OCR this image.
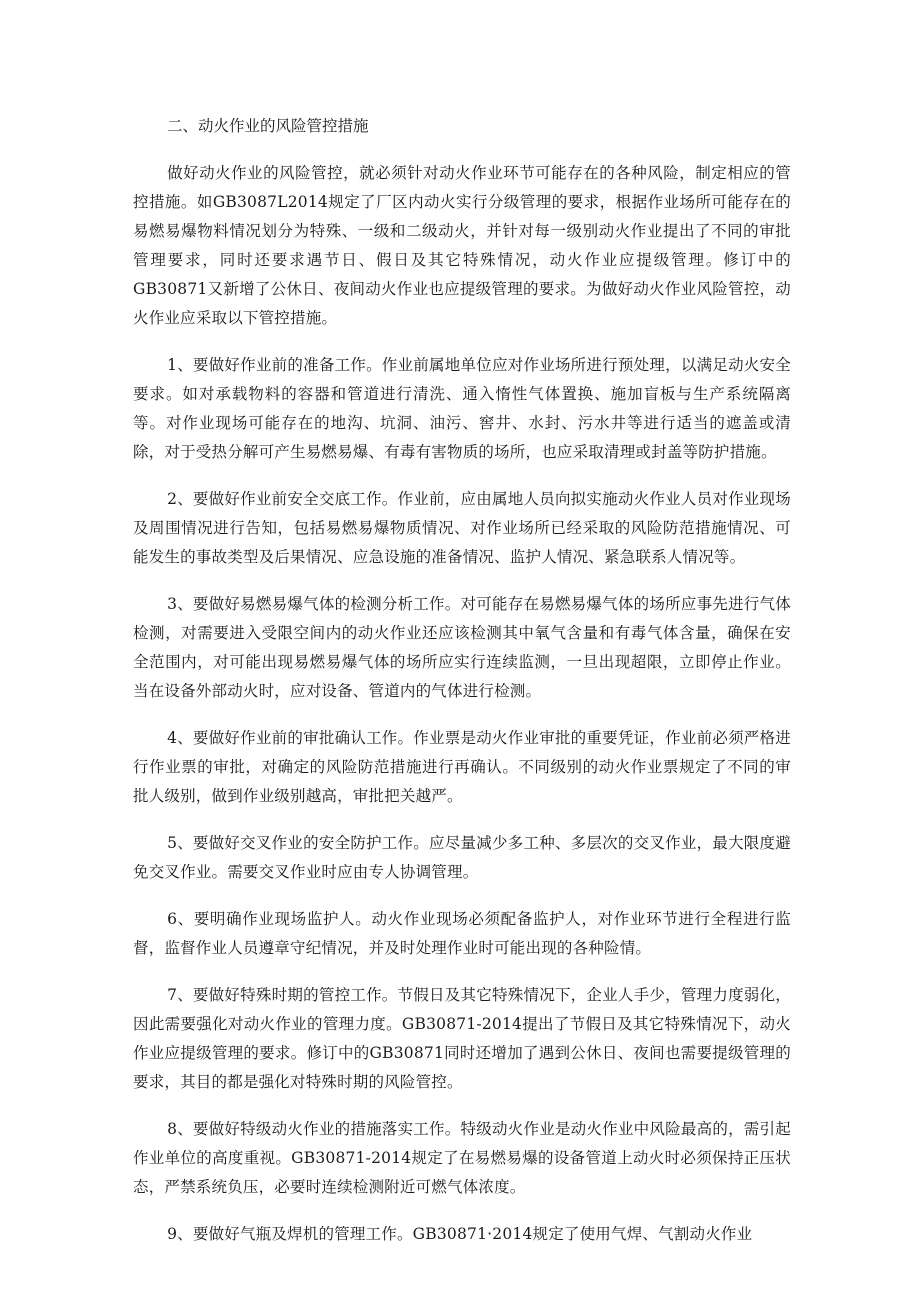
二、动火作业的风险管控措施

做好动火作业的风险管控，就必须针对动火作业环节可能存在的各种风险，制定相应的管控措施。如GB3087L2014规定了厂区内动火实行分级管理的要求，根据作业场所可能存在的易燃易爆物料情况划分为特殊、一级和二级动火，并针对每一级别动火作业提出了不同的审批管理要求，同时还要求遇节日、假日及其它特殊情况，动火作业应提级管理。修订中的GB30871又新增了公休日、夜间动火作业也应提级管理的要求。为做好动火作业风险管控，动火作业应采取以下管控措施。

1、要做好作业前的准备工作。作业前属地单位应对作业场所进行预处理，以满足动火安全要求。如对承载物料的容器和管道进行清洗、通入惰性气体置换、施加盲板与生产系统隔离等。对作业现场可能存在的地沟、坑洞、油污、窖井、水封、污水井等进行适当的遮盖或清除，对于受热分解可产生易燃易爆、有毒有害物质的场所，也应采取清理或封盖等防护措施。

2、要做好作业前安全交底工作。作业前，应由属地人员向拟实施动火作业人员对作业现场及周围情况进行告知，包括易燃易爆物质情况、对作业场所已经采取的风险防范措施情况、可能发生的事故类型及后果情况、应急设施的准备情况、监护人情况、紧急联系人情况等。

3、要做好易燃易爆气体的检测分析工作。对可能存在易燃易爆气体的场所应事先进行气体检测，对需要进入受限空间内的动火作业还应该检测其中氧气含量和有毒气体含量，确保在安全范围内，对可能出现易燃易爆气体的场所应实行连续监测，一旦出现超限，立即停止作业。当在设备外部动火时，应对设备、管道内的气体进行检测。

4、要做好作业前的审批确认工作。作业票是动火作业审批的重要凭证，作业前必须严格进行作业票的审批，对确定的风险防范措施进行再确认。不同级别的动火作业票规定了不同的审批人级别，做到作业级别越高，审批把关越严。

5、要做好交叉作业的安全防护工作。应尽量减少多工种、多层次的交叉作业，最大限度避免交叉作业。需要交叉作业时应由专人协调管理。

6、要明确作业现场监护人。动火作业现场必须配备监护人，对作业环节进行全程进行监督，监督作业人员遵章守纪情况，并及时处理作业时可能出现的各种险情。

7、要做好特殊时期的管控工作。节假日及其它特殊情况下，企业人手少，管理力度弱化，因此需要强化对动火作业的管理力度。GB30871-2014提出了节假日及其它特殊情况下，动火作业应提级管理的要求。修订中的GB30871同时还增加了遇到公休日、夜间也需要提级管理的要求，其目的都是强化对特殊时期的风险管控。

8、要做好特级动火作业的措施落实工作。特级动火作业是动火作业中风险最高的，需引起作业单位的高度重视。GB30871-2014规定了在易燃易爆的设备管道上动火时必须保持正压状态，严禁系统负压，必要时连续检测附近可燃气体浓度。

9、要做好气瓶及焊机的管理工作。GB30871·2014规定了使用气焊、气割动火作业
